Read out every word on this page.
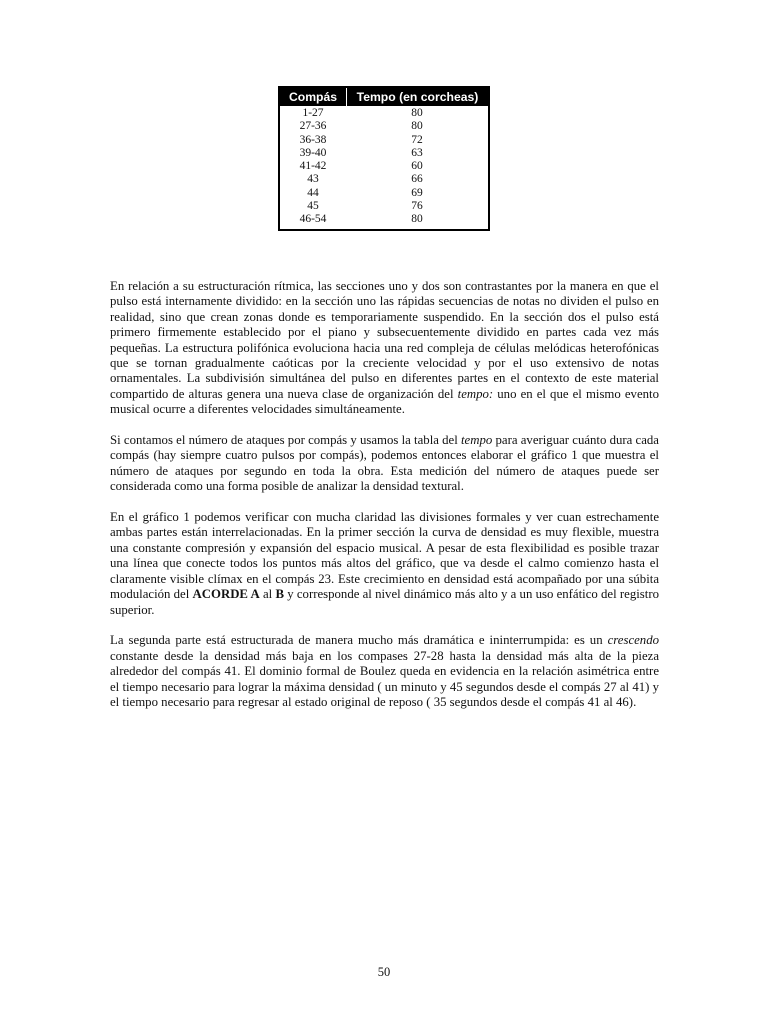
Compás	Tempo (en corcheas)
1-27	80
27-36	80
36-38	72
39-40	63
41-42	60
43	66
44	69
45	76
46-54	80

En relación a su estructuración rítmica, las secciones uno y dos son contrastantes por la manera en que el pulso está internamente dividido: en la sección uno las rápidas secuencias de notas no dividen el pulso en realidad, sino que crean zonas donde es temporariamente suspendido. En la sección dos el pulso está primero firmemente establecido por el piano y subsecuentemente dividido en partes cada vez más pequeñas. La estructura polifónica evoluciona hacia una red compleja de células melódicas heterofónicas que se tornan gradualmente caóticas por la creciente velocidad y por el uso extensivo de notas ornamentales. La subdivisión simultánea del pulso en diferentes partes en el contexto de este material compartido de alturas genera una nueva clase de organización del tempo: uno en el que el mismo evento musical ocurre a diferentes velocidades simultáneamente.

Si contamos el número de ataques por compás y usamos la tabla del tempo para averiguar cuánto dura cada compás (hay siempre cuatro pulsos por compás), podemos entonces elaborar el gráfico 1 que muestra el número de ataques por segundo en toda la obra. Esta medición del número de ataques puede ser considerada como una forma posible de analizar la densidad textural.

En el gráfico 1 podemos verificar con mucha claridad las divisiones formales y ver cuan estrechamente ambas partes están interrelacionadas. En la primer sección la curva de densidad es muy flexible, muestra una constante compresión y expansión del espacio musical. A pesar de esta flexibilidad es posible trazar una línea que conecte todos los puntos más altos del gráfico, que va desde el calmo comienzo hasta el claramente visible clímax en el compás 23. Este crecimiento en densidad está acompañado por una súbita modulación del ACORDE A al B y corresponde al nivel dinámico más alto y a un uso enfático del registro superior.

La segunda parte está estructurada de manera mucho más dramática e ininterrumpida: es un crescendo constante desde la densidad más baja en los compases 27-28 hasta la densidad más alta de la pieza alrededor del compás 41. El dominio formal de Boulez queda en evidencia en la relación asimétrica entre el tiempo necesario para lograr la máxima densidad ( un minuto y 45 segundos desde el compás 27 al 41) y el tiempo necesario para regresar al estado original de reposo ( 35 segundos desde el compás 41 al 46).

50
